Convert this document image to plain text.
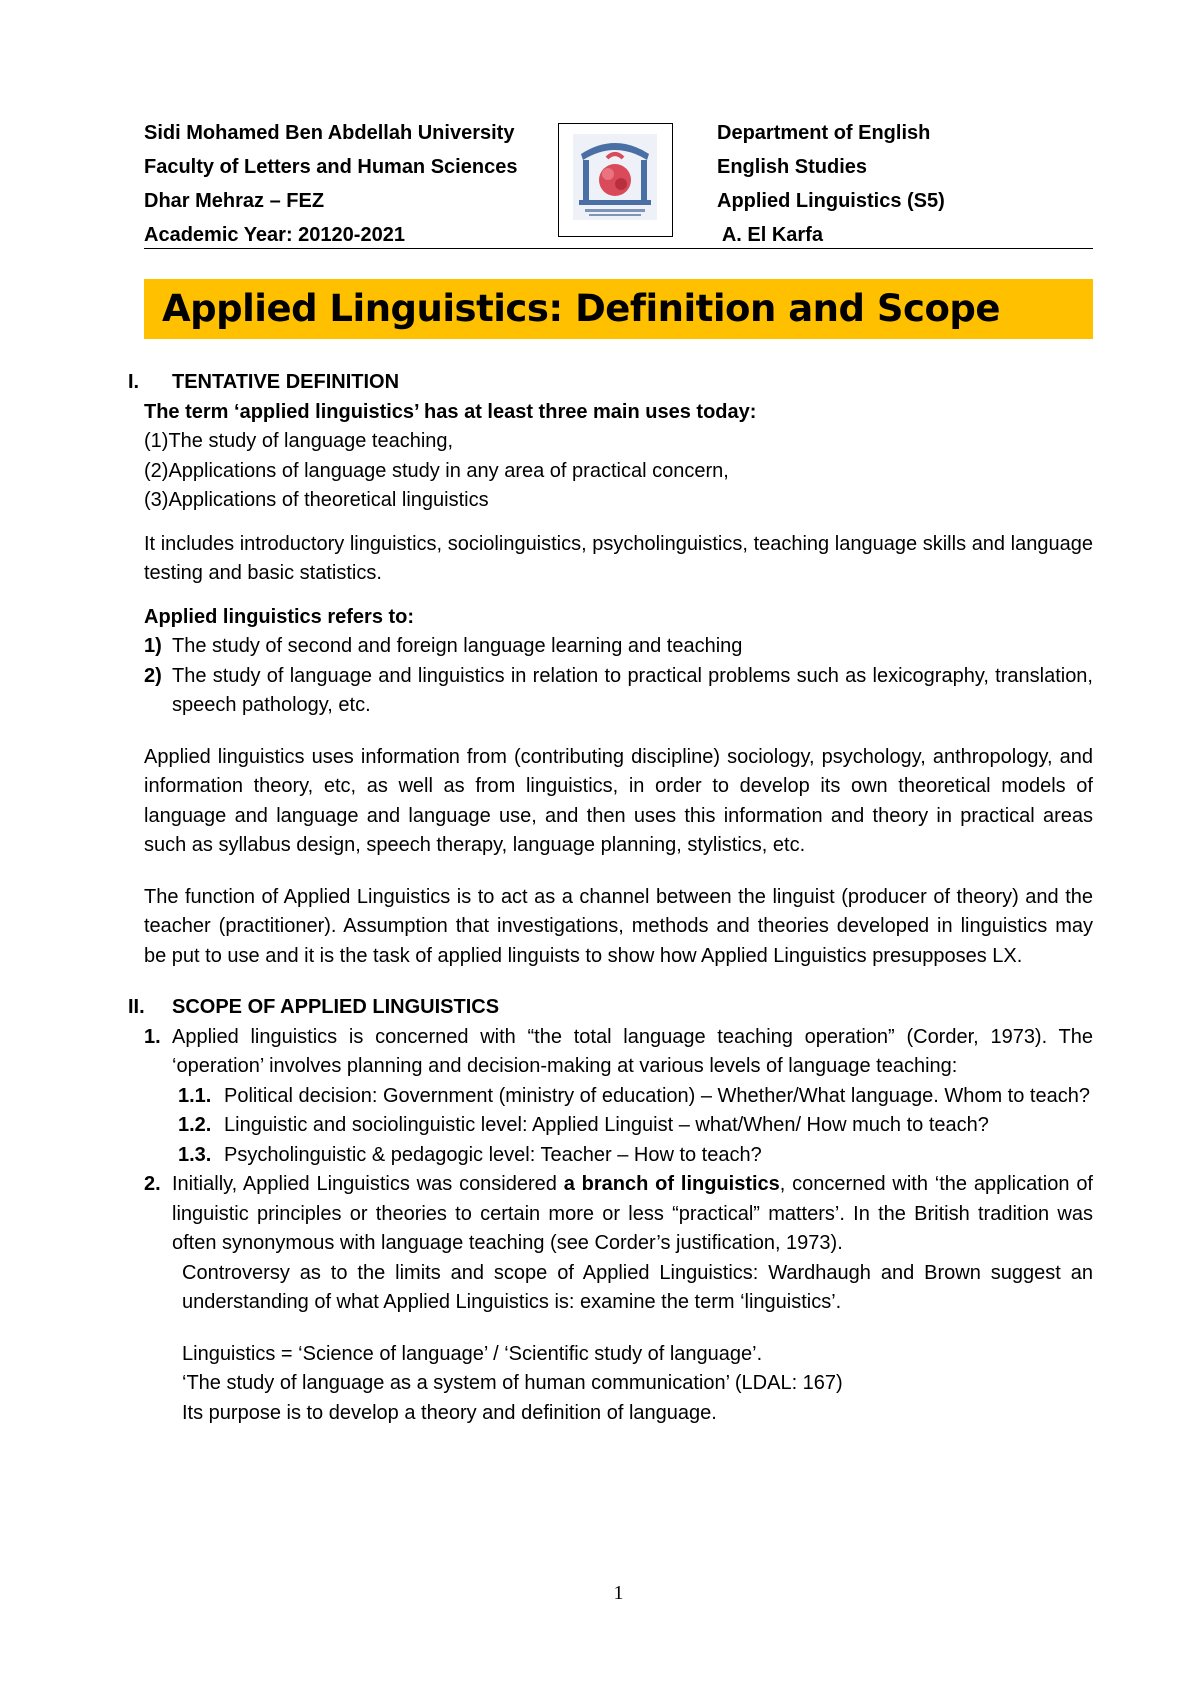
Sidi Mohamed Ben Abdellah University
Faculty of Letters and Human Sciences
Dhar Mehraz – FEZ
Academic Year: 20120-2021
Department of English
English Studies
Applied Linguistics (S5)
A. El Karfa
Applied Linguistics: Definition and Scope
I. TENTATIVE DEFINITION
The term ‘applied linguistics’ has at least three main uses today:
(1)The study of language teaching,
(2)Applications of language study in any area of practical concern,
(3)Applications of theoretical linguistics
It includes introductory linguistics, sociolinguistics, psycholinguistics, teaching language skills and language testing and basic statistics.
Applied linguistics refers to:
1) The study of second and foreign language learning and teaching
2) The study of language and linguistics in relation to practical problems such as lexicography, translation, speech pathology, etc.
Applied linguistics uses information from (contributing discipline) sociology, psychology, anthropology, and information theory, etc, as well as from linguistics, in order to develop its own theoretical models of language and language and language use, and then uses this information and theory in practical areas such as syllabus design, speech therapy, language planning, stylistics, etc.
The function of Applied Linguistics is to act as a channel between the linguist (producer of theory) and the teacher (practitioner). Assumption that investigations, methods and theories developed in linguistics may be put to use and it is the task of applied linguists to show how Applied Linguistics presupposes LX.
II. SCOPE OF APPLIED LINGUISTICS
1. Applied linguistics is concerned with “the total language teaching operation” (Corder, 1973). The ‘operation’ involves planning and decision-making at various levels of language teaching:
1.1. Political decision: Government (ministry of education) – Whether/What language. Whom to teach?
1.2. Linguistic and sociolinguistic level: Applied Linguist – what/When/ How much to teach?
1.3. Psycholinguistic & pedagogic level: Teacher – How to teach?
2. Initially, Applied Linguistics was considered a branch of linguistics, concerned with ‘the application of linguistic principles or theories to certain more or less “practical” matters’. In the British tradition was often synonymous with language teaching (see Corder’s justification, 1973).
Controversy as to the limits and scope of Applied Linguistics: Wardhaugh and Brown suggest an understanding of what Applied Linguistics is: examine the term ‘linguistics’.
Linguistics = ‘Science of language’ / ‘Scientific study of language’.
‘The study of language as a system of human communication’ (LDAL: 167)
Its purpose is to develop a theory and definition of language.
1
